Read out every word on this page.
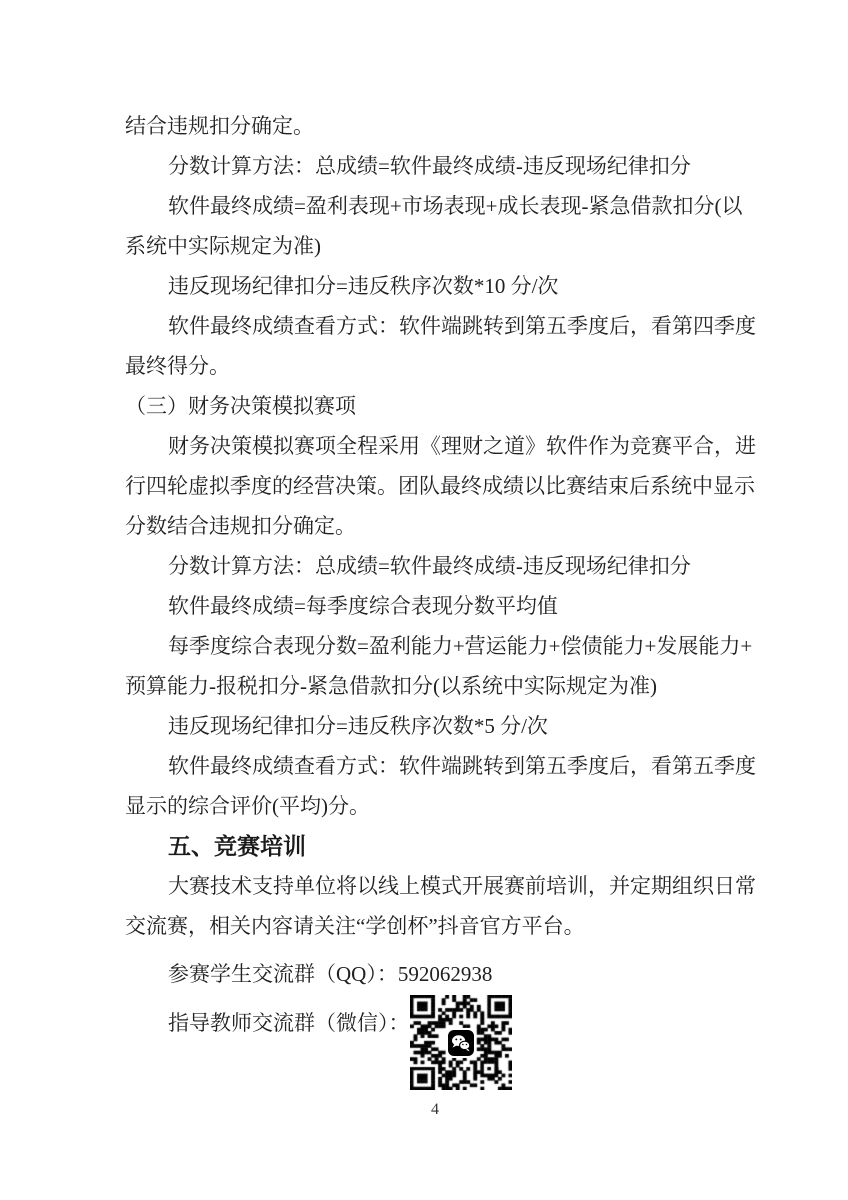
结合违规扣分确定。
分数计算方法：总成绩=软件最终成绩-违反现场纪律扣分
软件最终成绩=盈利表现+市场表现+成长表现-紧急借款扣分(以
系统中实际规定为准)
违反现场纪律扣分=违反秩序次数*10 分/次
软件最终成绩查看方式：软件端跳转到第五季度后，看第四季度
最终得分。
（三）财务决策模拟赛项
财务决策模拟赛项全程采用《理财之道》软件作为竞赛平合，进
行四轮虚拟季度的经营决策。团队最终成绩以比赛结束后系统中显示
分数结合违规扣分确定。
分数计算方法：总成绩=软件最终成绩-违反现场纪律扣分
软件最终成绩=每季度综合表现分数平均值
每季度综合表现分数=盈利能力+营运能力+偿债能力+发展能力+
预算能力-报税扣分-紧急借款扣分(以系统中实际规定为准)
违反现场纪律扣分=违反秩序次数*5 分/次
软件最终成绩查看方式：软件端跳转到第五季度后，看第五季度
显示的综合评价(平均)分。
五、竞赛培训
大赛技术支持单位将以线上模式开展赛前培训，并定期组织日常
交流赛，相关内容请关注“学创杯”抖音官方平台。
参赛学生交流群（QQ）：592062938
指导教师交流群（微信）：
4
